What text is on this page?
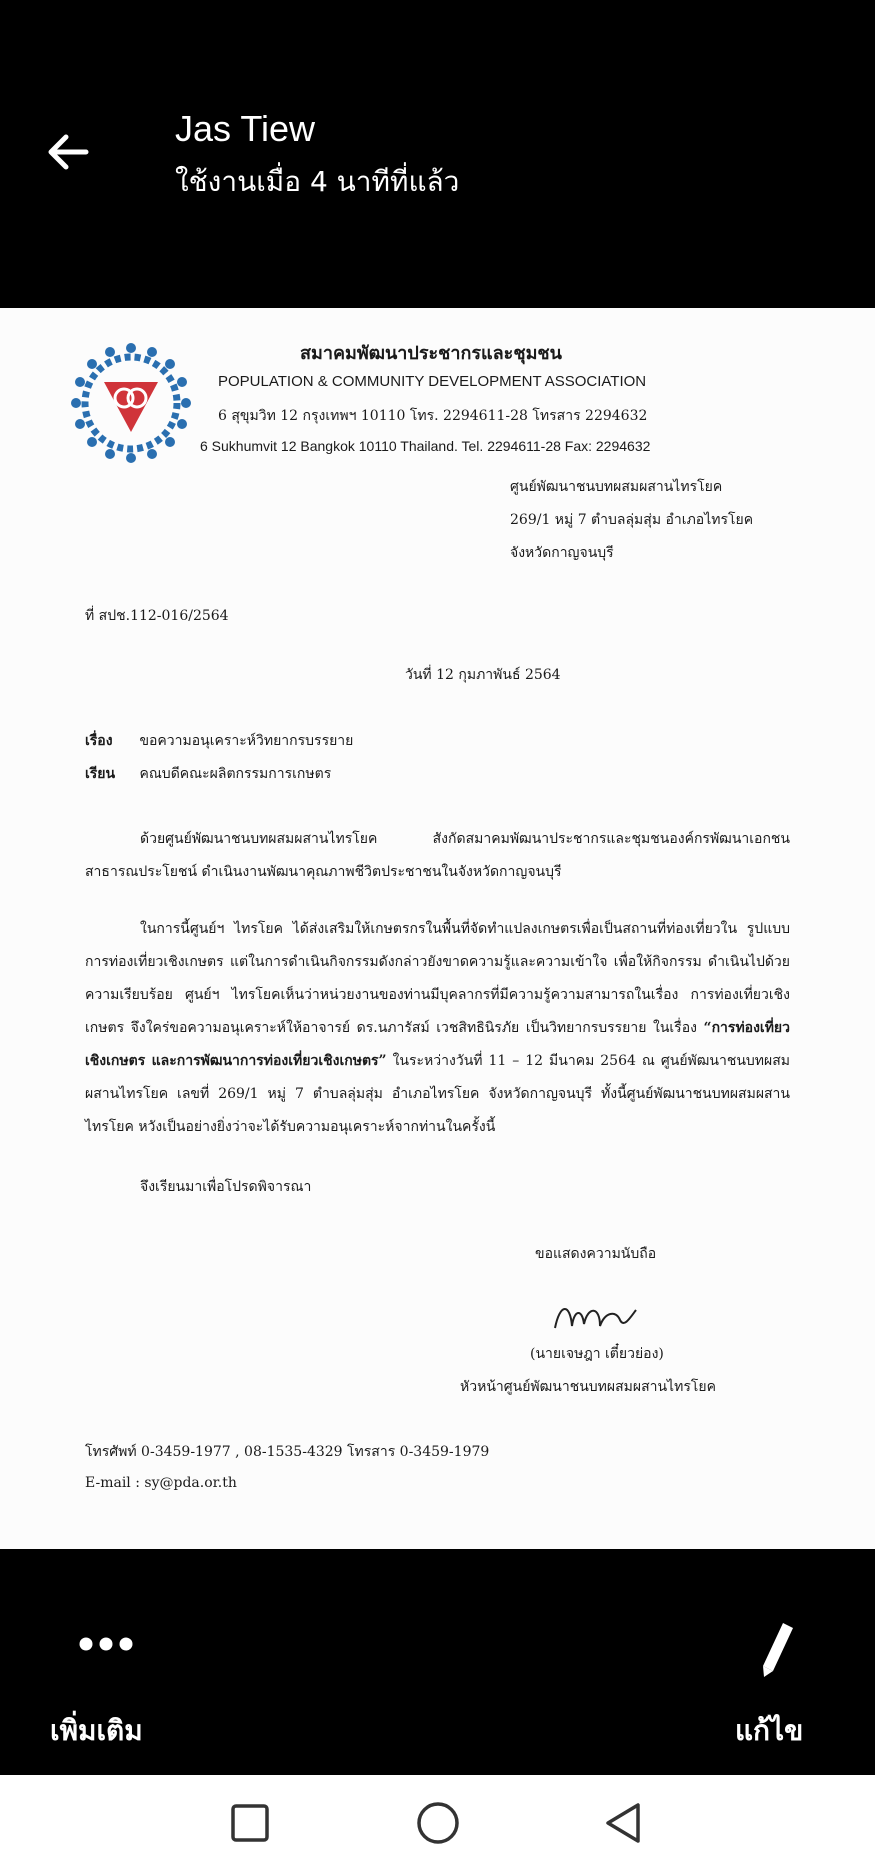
Jas Tiew
ใช้งานเมื่อ 4 นาทีที่แล้ว
สมาคมพัฒนาประชากรและชุมชน
POPULATION & COMMUNITY DEVELOPMENT ASSOCIATION
6 สุขุมวิท 12 กรุงเทพฯ 10110 โทร. 2294611-28 โทรสาร 2294632
6 Sukhumvit 12 Bangkok 10110 Thailand. Tel. 2294611-28 Fax: 2294632
ศูนย์พัฒนาชนบทผสมผสานไทรโยค
269/1 หมู่ 7 ตำบลลุ่มสุ่ม อำเภอไทรโยค
จังหวัดกาญจนบุรี
ที่ สปช.112-016/2564
วันที่ 12 กุมภาพันธ์ 2564
เรื่อง ขอความอนุเคราะห์วิทยากรบรรยาย
เรียน คณบดีคณะผลิตกรรมการเกษตร
ด้วยศูนย์พัฒนาชนบทผสมผสานไทรโยค สังกัดสมาคมพัฒนาประชากรและชุมชนองค์กรพัฒนาเอกชน สาธารณประโยชน์ ดำเนินงานพัฒนาคุณภาพชีวิตประชาชนในจังหวัดกาญจนบุรี
ในการนี้ศูนย์ฯ ไทรโยค ได้ส่งเสริมให้เกษตรกรในพื้นที่จัดทำแปลงเกษตรเพื่อเป็นสถานที่ท่องเที่ยวใน รูปแบบการท่องเที่ยวเชิงเกษตร แต่ในการดำเนินกิจกรรมดังกล่าวยังขาดความรู้และความเข้าใจ เพื่อให้กิจกรรม ดำเนินไปด้วยความเรียบร้อย ศูนย์ฯ ไทรโยคเห็นว่าหน่วยงานของท่านมีบุคลากรที่มีความรู้ความสามารถในเรื่อง การท่องเที่ยวเชิงเกษตร จึงใคร่ขอความอนุเคราะห์ให้อาจารย์ ดร.นภารัสม์ เวชสิทธินิรภัย เป็นวิทยากรบรรยาย ในเรื่อง “การท่องเที่ยวเชิงเกษตร และการพัฒนาการท่องเที่ยวเชิงเกษตร” ในระหว่างวันที่ 11 – 12 มีนาคม 2564 ณ ศูนย์พัฒนาชนบทผสมผสานไทรโยค เลขที่ 269/1 หมู่ 7 ตำบลลุ่มสุ่ม อำเภอไทรโยค จังหวัดกาญจนบุรี ทั้งนี้ศูนย์พัฒนาชนบทผสมผสานไทรโยค หวังเป็นอย่างยิ่งว่าจะได้รับความอนุเคราะห์จากท่านในครั้งนี้
จึงเรียนมาเพื่อโปรดพิจารณา
ขอแสดงความนับถือ
(นายเจษฎา เตี๋ยวย่อง)
หัวหน้าศูนย์พัฒนาชนบทผสมผสานไทรโยค
โทรศัพท์ 0-3459-1977 , 08-1535-4329 โทรสาร 0-3459-1979
E-mail : sy@pda.or.th
เพิ่มเติม	แก้ไข
